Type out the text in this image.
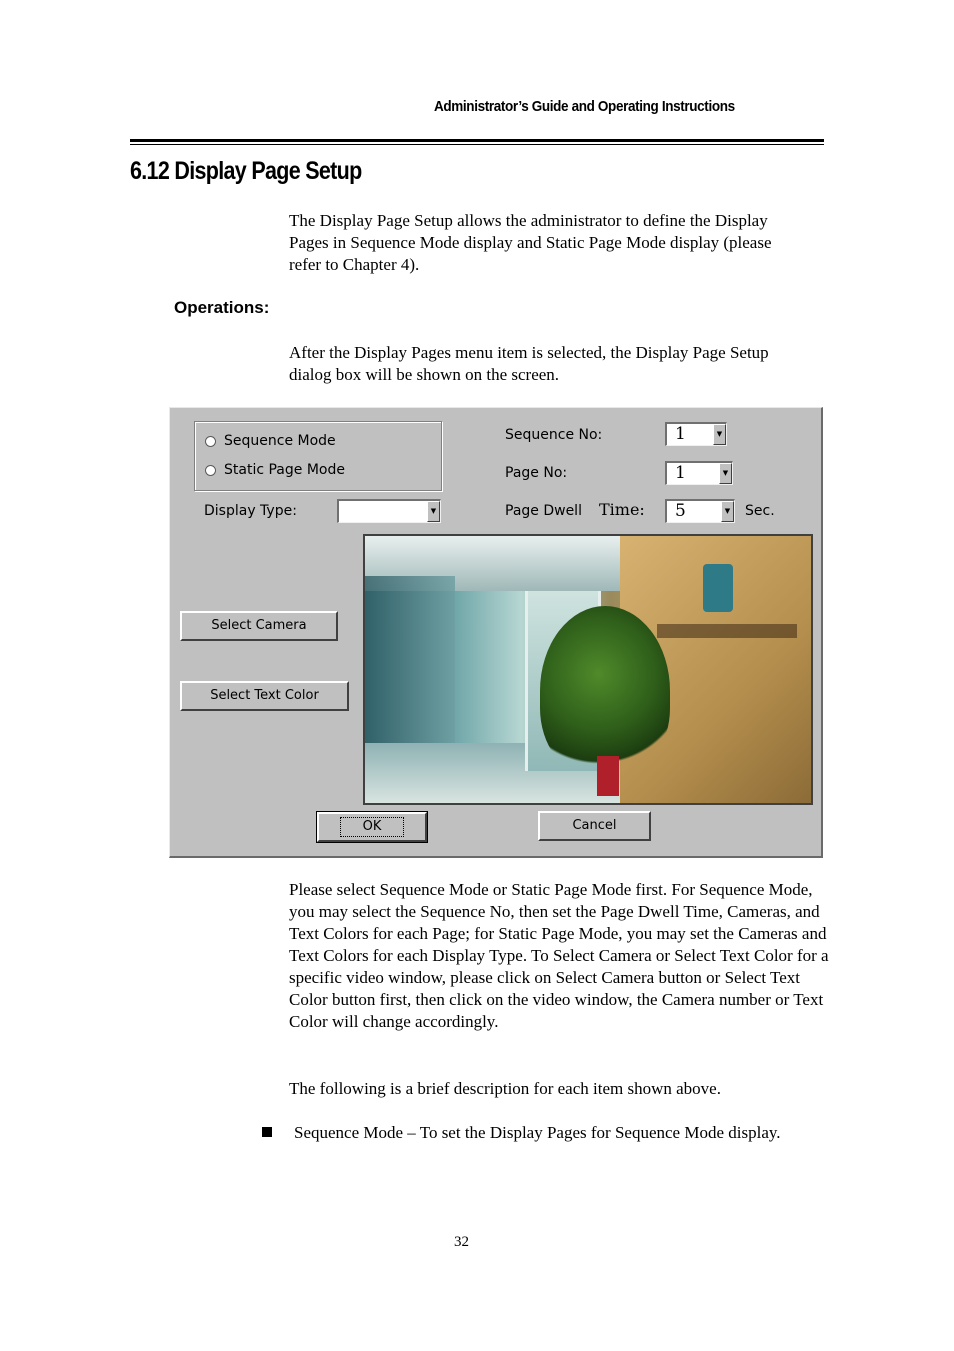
Administrator’s Guide and Operating Instructions
6.12 Display Page Setup
The Display Page Setup allows the administrator to define the Display Pages in Sequence Mode display and Static Page Mode display (please refer to Chapter 4).
Operations:
After the Display Pages menu item is selected, the Display Page Setup dialog box will be shown on the screen.
Sequence Mode
Static Page Mode
Display Type:	▼
Sequence No:	1	▼
Page No:	1	▼
Page Dwell Time:	5	▼ Sec.
Select Camera
Select Text Color
OK	Cancel
Please select Sequence Mode or Static Page Mode first. For Sequence Mode, you may select the Sequence No, then set the Page Dwell Time, Cameras, and Text Colors for each Page; for Static Page Mode, you may set the Cameras and Text Colors for each Display Type. To Select Camera or Select Text Color for a specific video window, please click on Select Camera button or Select Text Color button first, then click on the video window, the Camera number or Text Color will change accordingly.
The following is a brief description for each item shown above.
Sequence Mode – To set the Display Pages for Sequence Mode display.
32
